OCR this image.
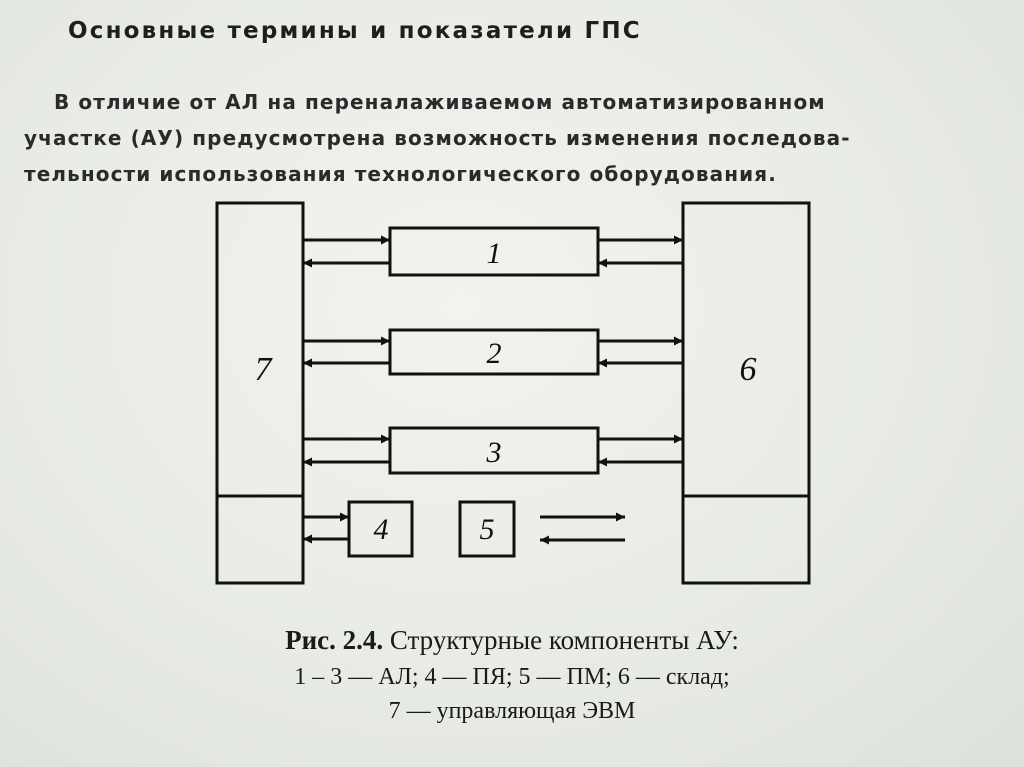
Основные термины и показатели ГПС
В отличие от АЛ на переналаживаемом автоматизированном
участке (АУ) предусмотрена возможность изменения последова-
тельности использования технологического оборудования.
7	6
1
2
3
4	5
Рис. 2.4. Структурные компоненты АУ:
1 – 3 — АЛ; 4 — ПЯ; 5 — ПМ; 6 — склад;
7 — управляющая ЭВМ
